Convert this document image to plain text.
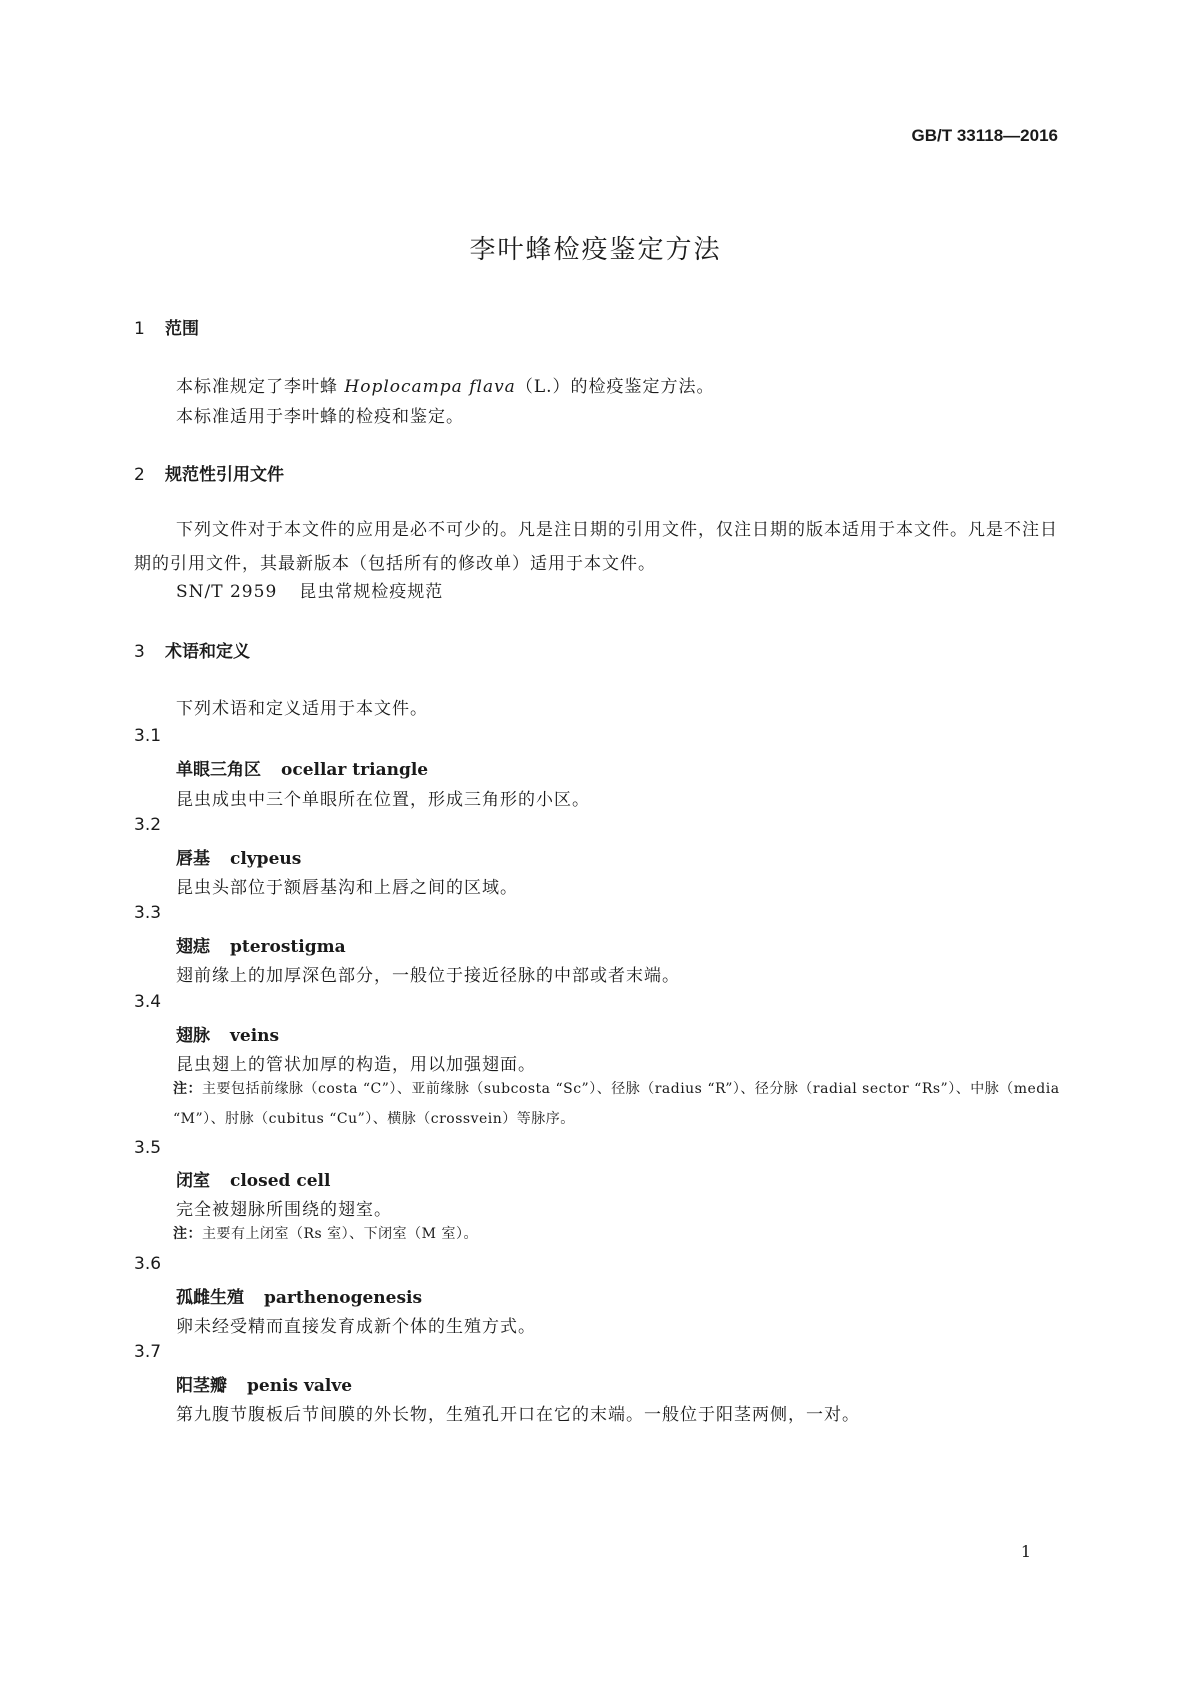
GB/T 33118—2016
李叶蜂检疫鉴定方法
1 范围
本标准规定了李叶蜂 Hoplocampa flava（L.）的检疫鉴定方法。
本标准适用于李叶蜂的检疫和鉴定。
2 规范性引用文件
下列文件对于本文件的应用是必不可少的。凡是注日期的引用文件，仅注日期的版本适用于本文件。凡是不注日期的引用文件，其最新版本（包括所有的修改单）适用于本文件。
SN/T 2959 昆虫常规检疫规范
3 术语和定义
下列术语和定义适用于本文件。
3.1
单眼三角区 ocellar triangle
昆虫成虫中三个单眼所在位置，形成三角形的小区。
3.2
唇基 clypeus
昆虫头部位于额唇基沟和上唇之间的区域。
3.3
翅痣 pterostigma
翅前缘上的加厚深色部分，一般位于接近径脉的中部或者末端。
3.4
翅脉 veins
昆虫翅上的管状加厚的构造，用以加强翅面。
注：主要包括前缘脉（costa “C”）、亚前缘脉（subcosta “Sc”）、径脉（radius “R”）、径分脉（radial sector “Rs”）、中脉（media “M”）、肘脉（cubitus “Cu”）、横脉（crossvein）等脉序。
3.5
闭室 closed cell
完全被翅脉所围绕的翅室。
注：主要有上闭室（Rs 室）、下闭室（M 室）。
3.6
孤雌生殖 parthenogenesis
卵未经受精而直接发育成新个体的生殖方式。
3.7
阳茎瓣 penis valve
第九腹节腹板后节间膜的外长物，生殖孔开口在它的末端。一般位于阳茎两侧，一对。
1
